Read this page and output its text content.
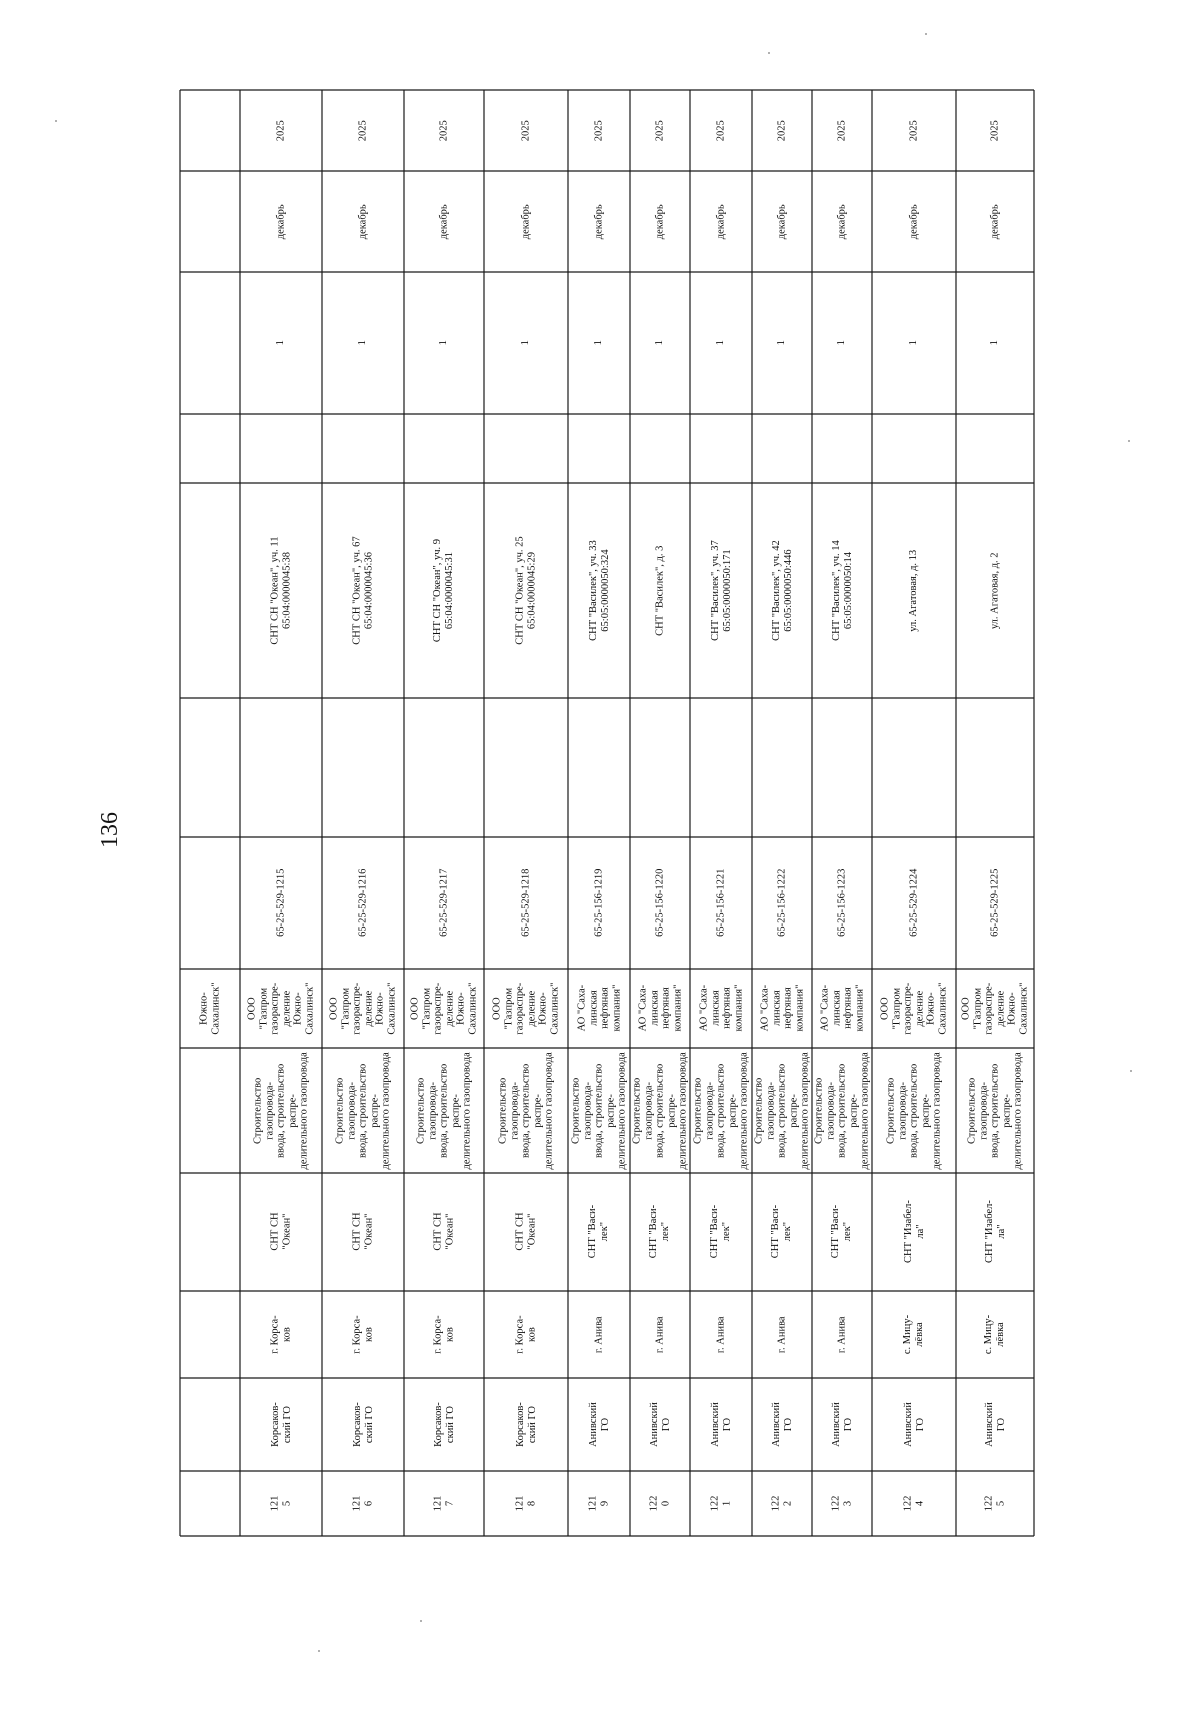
136
Южно-
Сахалинск"
121
5
Корсаков-
ский ГО
г. Корса-
ков
СНТ СН
"Океан"
Строительство газопровода-
ввода, строительство распре-
делительного газопровода
ООО
"Газпром
газораспре-
деление
Южно-
Сахалинск"
65-25-529-1215
СНТ СН "Океан", уч. 11
65:04:0000045:38
1
декабрь
2025
121
6
Корсаков-
ский ГО
г. Корса-
ков
СНТ СН
"Океан"
Строительство газопровода-
ввода, строительство распре-
делительного газопровода
ООО
"Газпром
газораспре-
деление
Южно-
Сахалинск"
65-25-529-1216
СНТ СН "Океан", уч. 67
65:04:0000045:36
1
декабрь
2025
121
7
Корсаков-
ский ГО
г. Корса-
ков
СНТ СН
"Океан"
Строительство газопровода-
ввода, строительство распре-
делительного газопровода
ООО
"Газпром
газораспре-
деление
Южно-
Сахалинск"
65-25-529-1217
СНТ СН "Океан", уч. 9
65:04:0000045:31
1
декабрь
2025
121
8
Корсаков-
ский ГО
г. Корса-
ков
СНТ СН
"Океан"
Строительство газопровода-
ввода, строительство распре-
делительного газопровода
ООО
"Газпром
газораспре-
деление
Южно-
Сахалинск"
65-25-529-1218
СНТ СН "Океан", уч. 25
65:04:0000045:29
1
декабрь
2025
121
9
Анивский
ГО
г. Анива
СНТ "Васи-
лек"
Строительство газопровода-
ввода, строительство распре-
делительного газопровода
АО "Саха-
линская
нефтяная
компания"
65-25-156-1219
СНТ "Василек", уч. 33
65:05:0000050:324
1
декабрь
2025
122
0
Анивский
ГО
г. Анива
СНТ "Васи-
лек"
Строительство газопровода-
ввода, строительство распре-
делительного газопровода
АО "Саха-
линская
нефтяная
компания"
65-25-156-1220
СНТ "Василек", д. 3
1
декабрь
2025
122
1
Анивский
ГО
г. Анива
СНТ "Васи-
лек"
Строительство газопровода-
ввода, строительство распре-
делительного газопровода
АО "Саха-
линская
нефтяная
компания"
65-25-156-1221
СНТ "Василек", уч. 37
65:05:0000050:171
1
декабрь
2025
122
2
Анивский
ГО
г. Анива
СНТ "Васи-
лек"
Строительство газопровода-
ввода, строительство распре-
делительного газопровода
АО "Саха-
линская
нефтяная
компания"
65-25-156-1222
СНТ "Василек", уч. 42
65:05:0000050:446
1
декабрь
2025
122
3
Анивский
ГО
г. Анива
СНТ "Васи-
лек"
Строительство газопровода-
ввода, строительство распре-
делительного газопровода
АО "Саха-
линская
нефтяная
компания"
65-25-156-1223
СНТ "Василек", уч. 14
65:05:0000050:14
1
декабрь
2025
122
4
Анивский
ГО
с. Мицу-
лёвка
СНТ "Изабел-
ла"
Строительство газопровода-
ввода, строительство распре-
делительного газопровода
ООО
"Газпром
газораспре-
деление
Южно-
Сахалинск"
65-25-529-1224
ул. Агатовая, д. 13
1
декабрь
2025
122
5
Анивский
ГО
с. Мицу-
лёвка
СНТ "Изабел-
ла"
Строительство газопровода-
ввода, строительство распре-
делительного газопровода
ООО
"Газпром
газораспре-
деление
Южно-
Сахалинск"
65-25-529-1225
ул. Агатовая, д. 2
1
декабрь
2025
